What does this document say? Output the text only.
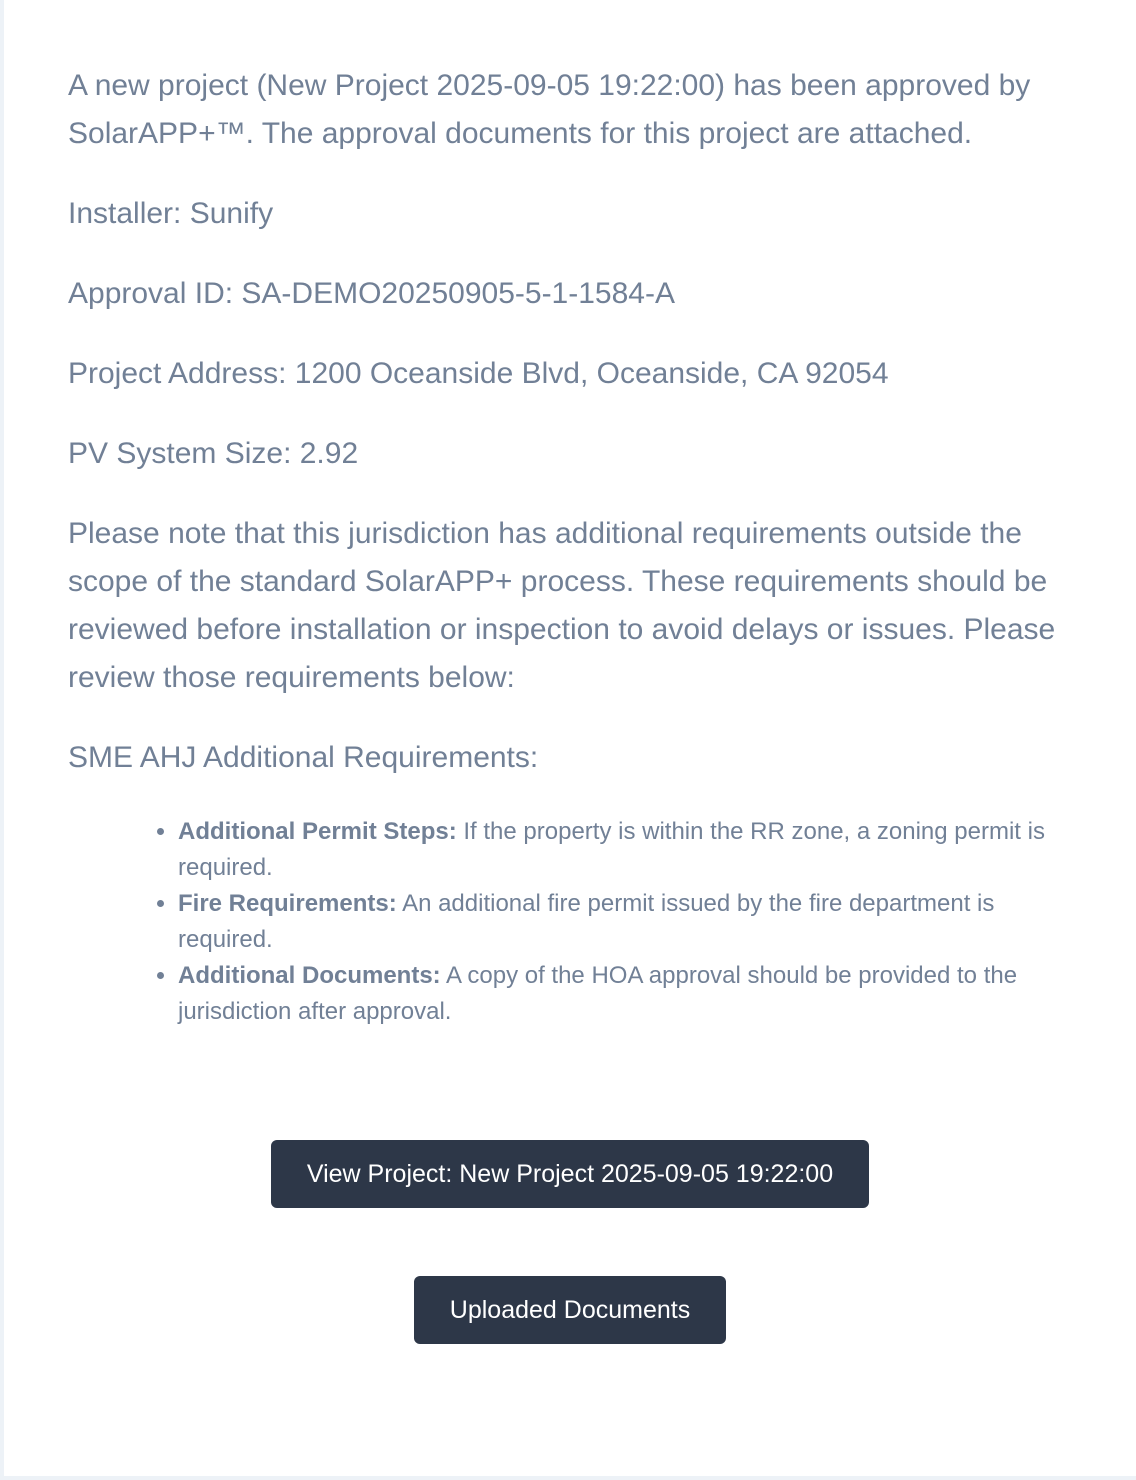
A new project (New Project 2025-09-05 19:22:00) has been approved by SolarAPP+™. The approval documents for this project are attached.

Installer: Sunify

Approval ID: SA-DEMO20250905-5-1-1584-A

Project Address: 1200 Oceanside Blvd, Oceanside, CA 92054

PV System Size: 2.92

Please note that this jurisdiction has additional requirements outside the scope of the standard SolarAPP+ process. These requirements should be reviewed before installation or inspection to avoid delays or issues. Please review those requirements below:

SME AHJ Additional Requirements:

• Additional Permit Steps: If the property is within the RR zone, a zoning permit is required.
• Fire Requirements: An additional fire permit issued by the fire department is required.
• Additional Documents: A copy of the HOA approval should be provided to the jurisdiction after approval.
View Project: New Project 2025-09-05 19:22:00
Uploaded Documents
